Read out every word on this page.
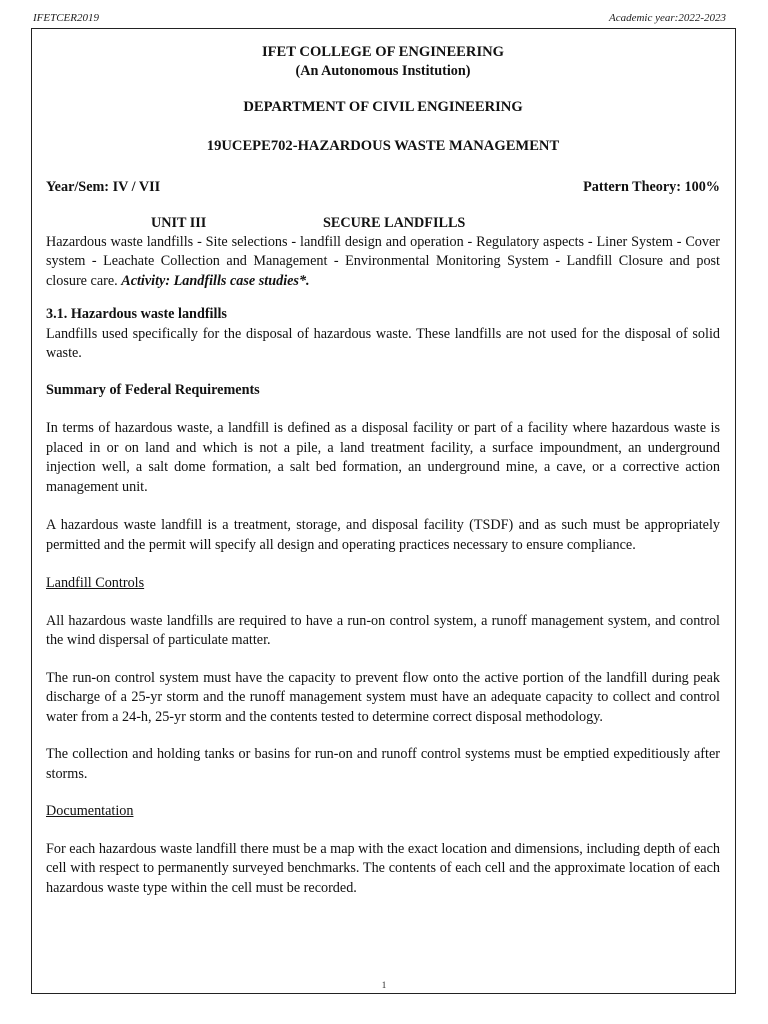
IFETCER2019	Academic year:2022-2023
IFET COLLEGE OF ENGINEERING
(An Autonomous Institution)
DEPARTMENT OF CIVIL ENGINEERING
19UCEPE702-HAZARDOUS WASTE MANAGEMENT
Year/Sem: IV / VII	Pattern Theory: 100%
UNIT III	SECURE LANDFILLS

Hazardous waste landfills - Site selections - landfill design and operation - Regulatory aspects - Liner System - Cover system - Leachate Collection and Management - Environmental Monitoring System - Landfill Closure and post closure care. Activity: Landfills case studies*.

3.1. Hazardous waste landfills

Landfills used specifically for the disposal of hazardous waste. These landfills are not used for the disposal of solid waste.

Summary of Federal Requirements

In terms of hazardous waste, a landfill is defined as a disposal facility or part of a facility where hazardous waste is placed in or on land and which is not a pile, a land treatment facility, a surface impoundment, an underground injection well, a salt dome formation, a salt bed formation, an underground mine, a cave, or a corrective action management unit.

A hazardous waste landfill is a treatment, storage, and disposal facility (TSDF) and as such must be appropriately permitted and the permit will specify all design and operating practices necessary to ensure compliance.

Landfill Controls

All hazardous waste landfills are required to have a run-on control system, a runoff management system, and control the wind dispersal of particulate matter.

The run-on control system must have the capacity to prevent flow onto the active portion of the landfill during peak discharge of a 25-yr storm and the runoff management system must have an adequate capacity to collect and control water from a 24-h, 25-yr storm and the contents tested to determine correct disposal methodology.

The collection and holding tanks or basins for run-on and runoff control systems must be emptied expeditiously after storms.

Documentation

For each hazardous waste landfill there must be a map with the exact location and dimensions, including depth of each cell with respect to permanently surveyed benchmarks. The contents of each cell and the approximate location of each hazardous waste type within the cell must be recorded.

1
